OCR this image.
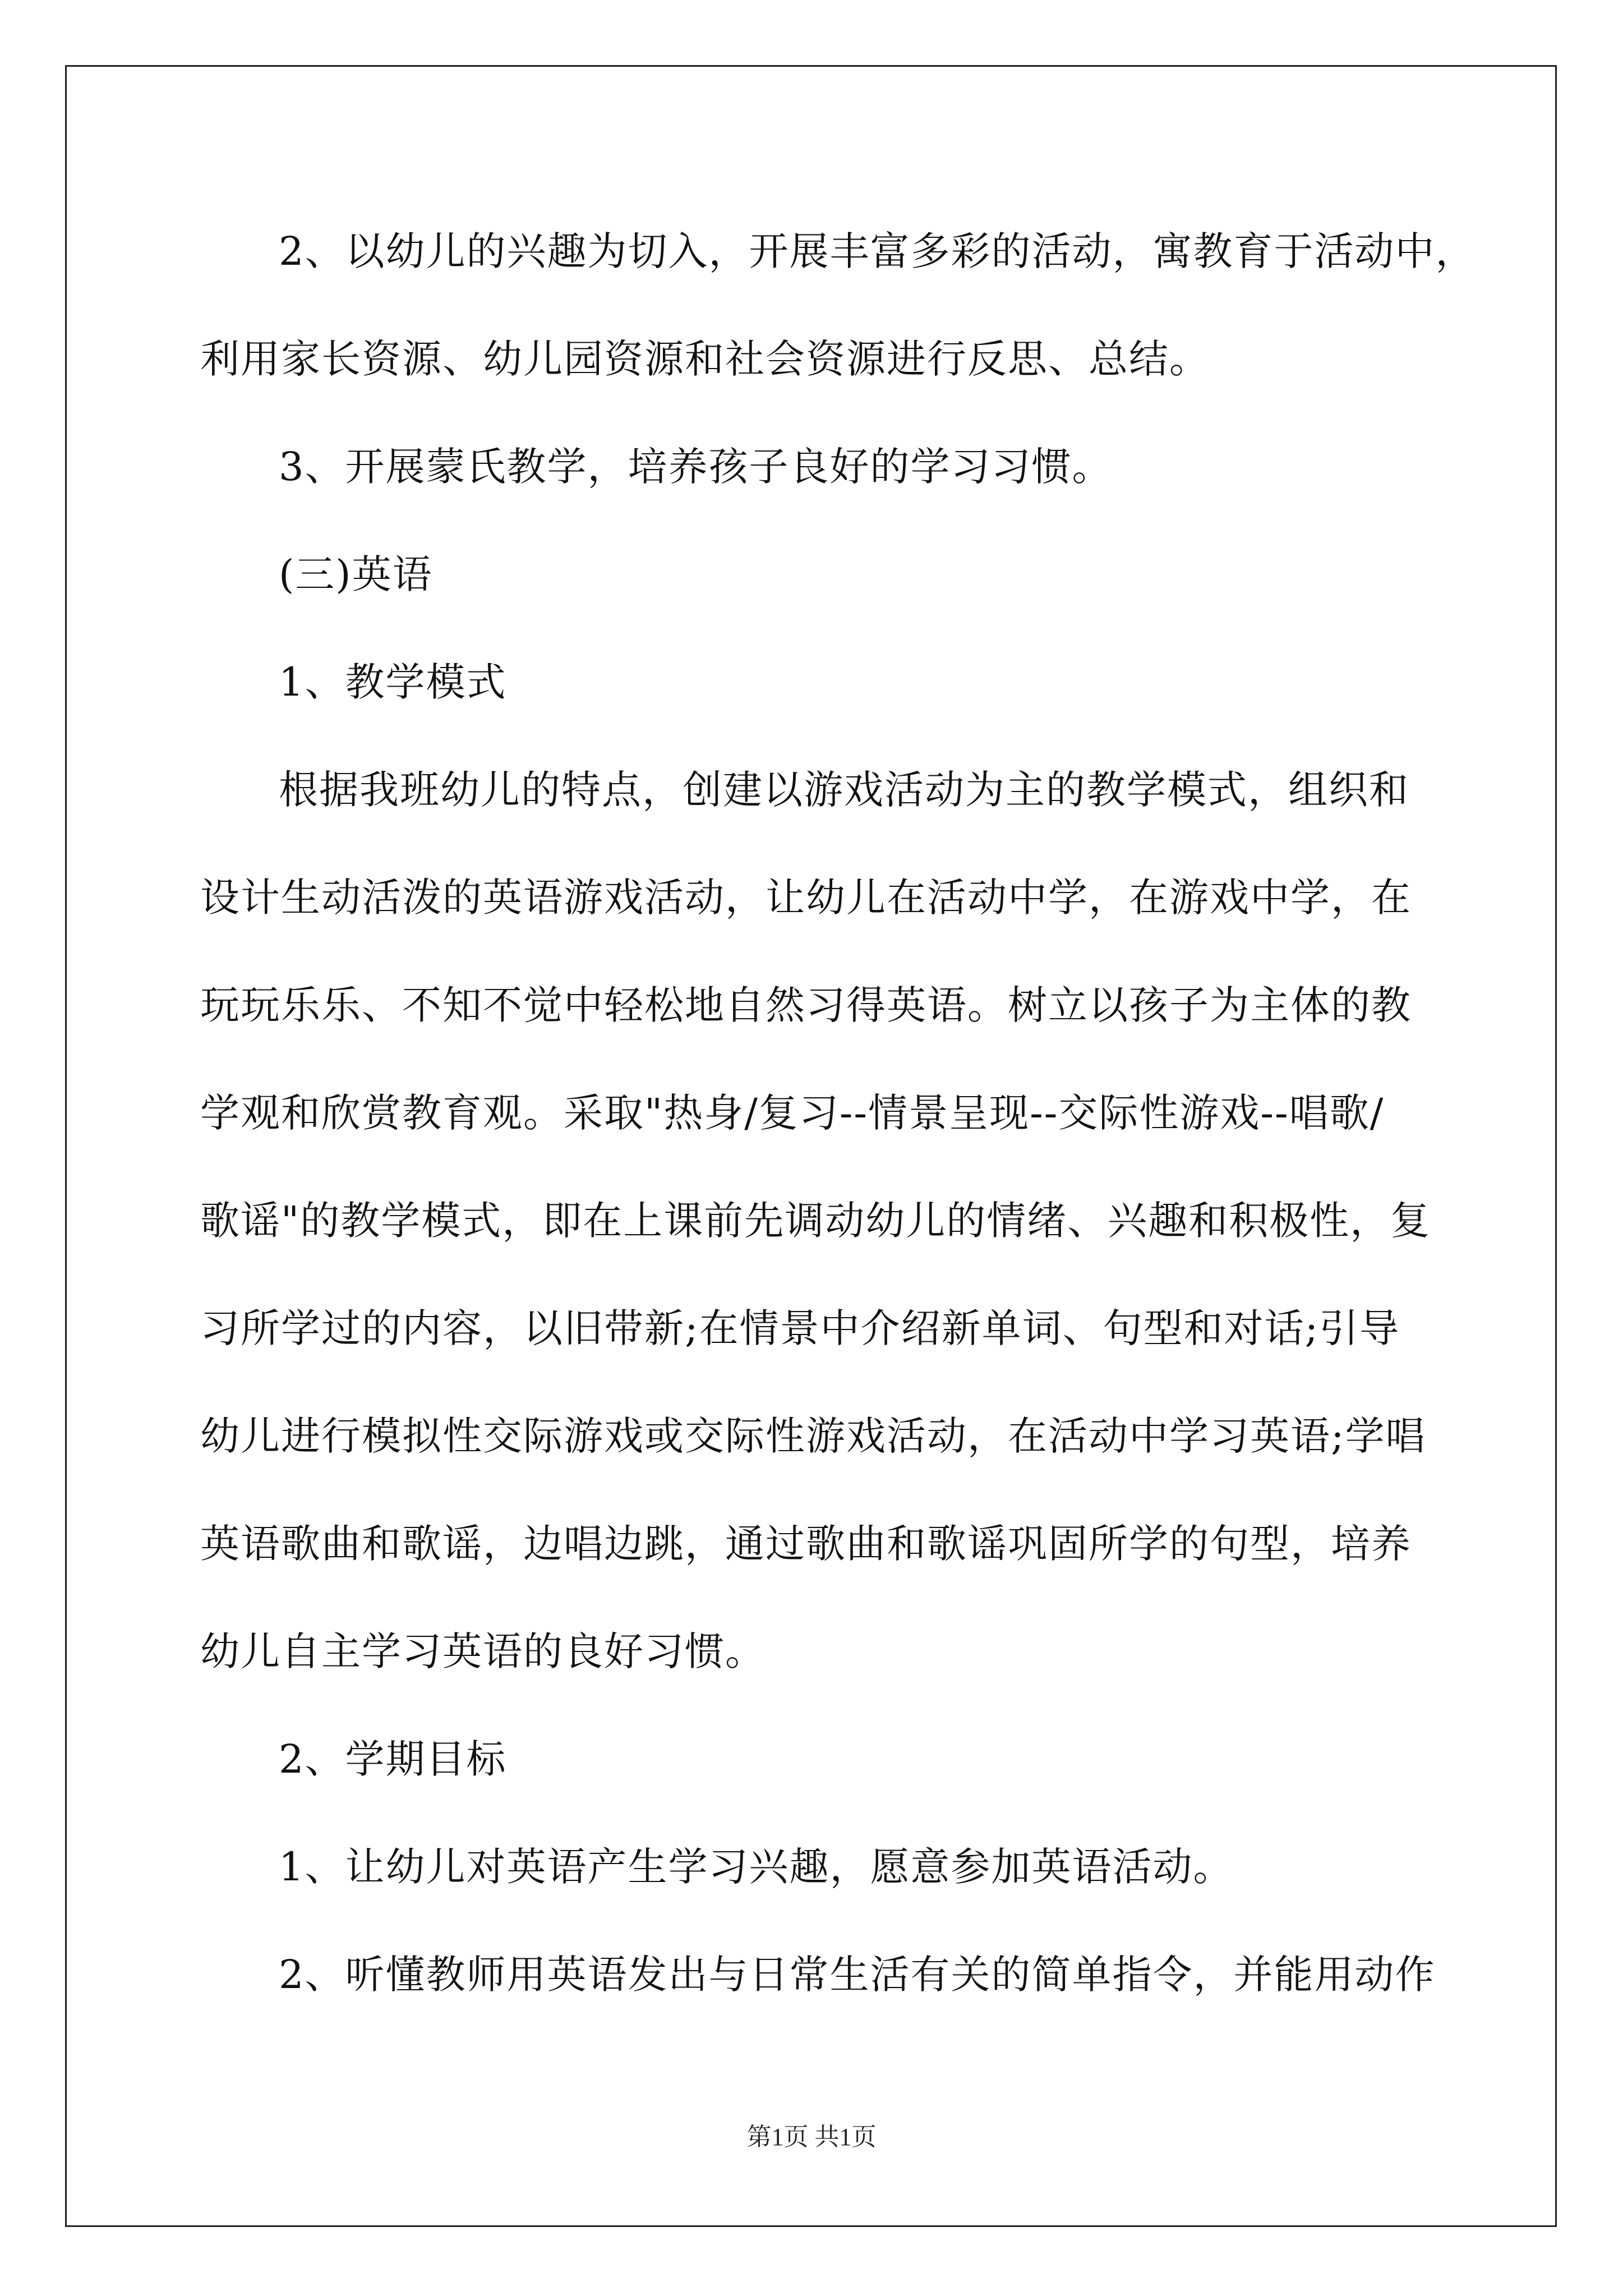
2、以幼儿的兴趣为切入，开展丰富多彩的活动，寓教育于活动中，
利用家长资源、幼儿园资源和社会资源进行反思、总结。
3、开展蒙氏教学，培养孩子良好的学习习惯。
(三)英语
1、教学模式
根据我班幼儿的特点，创建以游戏活动为主的教学模式，组织和
设计生动活泼的英语游戏活动，让幼儿在活动中学，在游戏中学，在
玩玩乐乐、不知不觉中轻松地自然习得英语。树立以孩子为主体的教
学观和欣赏教育观。采取"热身/复习--情景呈现--交际性游戏--唱歌/
歌谣"的教学模式，即在上课前先调动幼儿的情绪、兴趣和积极性，复
习所学过的内容，以旧带新;在情景中介绍新单词、句型和对话;引导
幼儿进行模拟性交际游戏或交际性游戏活动，在活动中学习英语;学唱
英语歌曲和歌谣，边唱边跳，通过歌曲和歌谣巩固所学的句型，培养
幼儿自主学习英语的良好习惯。
2、学期目标
1、让幼儿对英语产生学习兴趣，愿意参加英语活动。
2、听懂教师用英语发出与日常生活有关的简单指令，并能用动作
第1页 共1页
